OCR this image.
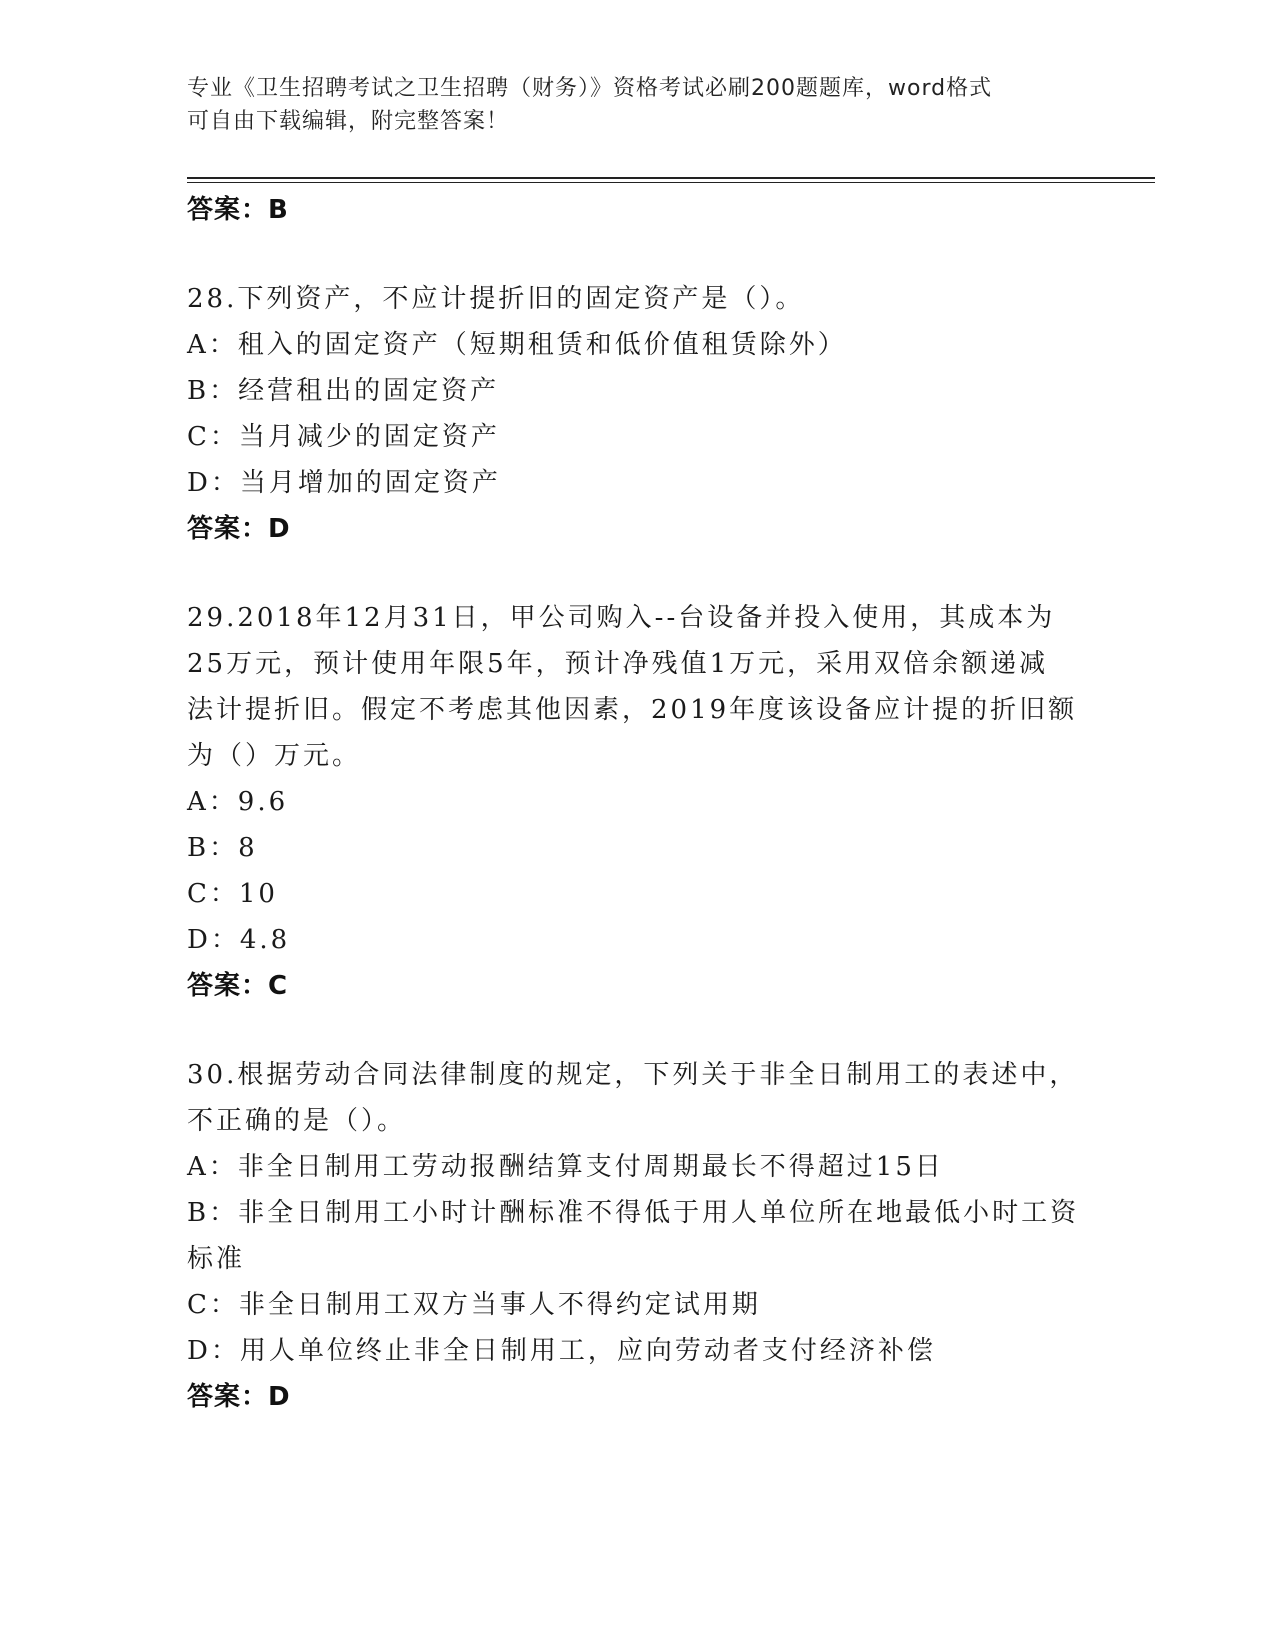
专业《卫生招聘考试之卫生招聘（财务）》资格考试必刷200题题库，word格式
可自由下载编辑，附完整答案！
答案：B
28.下列资产，不应计提折旧的固定资产是（）。
A：租入的固定资产（短期租赁和低价值租赁除外）
B：经营租出的固定资产
C：当月减少的固定资产
D：当月增加的固定资产
答案：D
29.2018年12月31日，甲公司购入--台设备并投入使用，其成本为
25万元，预计使用年限5年，预计净残值1万元，采用双倍余额递减
法计提折旧。假定不考虑其他因素，2019年度该设备应计提的折旧额
为（）万元。
A：9.6
B：8
C：10
D：4.8
答案：C
30.根据劳动合同法律制度的规定，下列关于非全日制用工的表述中，
不正确的是（）。
A：非全日制用工劳动报酬结算支付周期最长不得超过15日
B：非全日制用工小时计酬标准不得低于用人单位所在地最低小时工资
标准
C：非全日制用工双方当事人不得约定试用期
D：用人单位终止非全日制用工，应向劳动者支付经济补偿
答案：D
